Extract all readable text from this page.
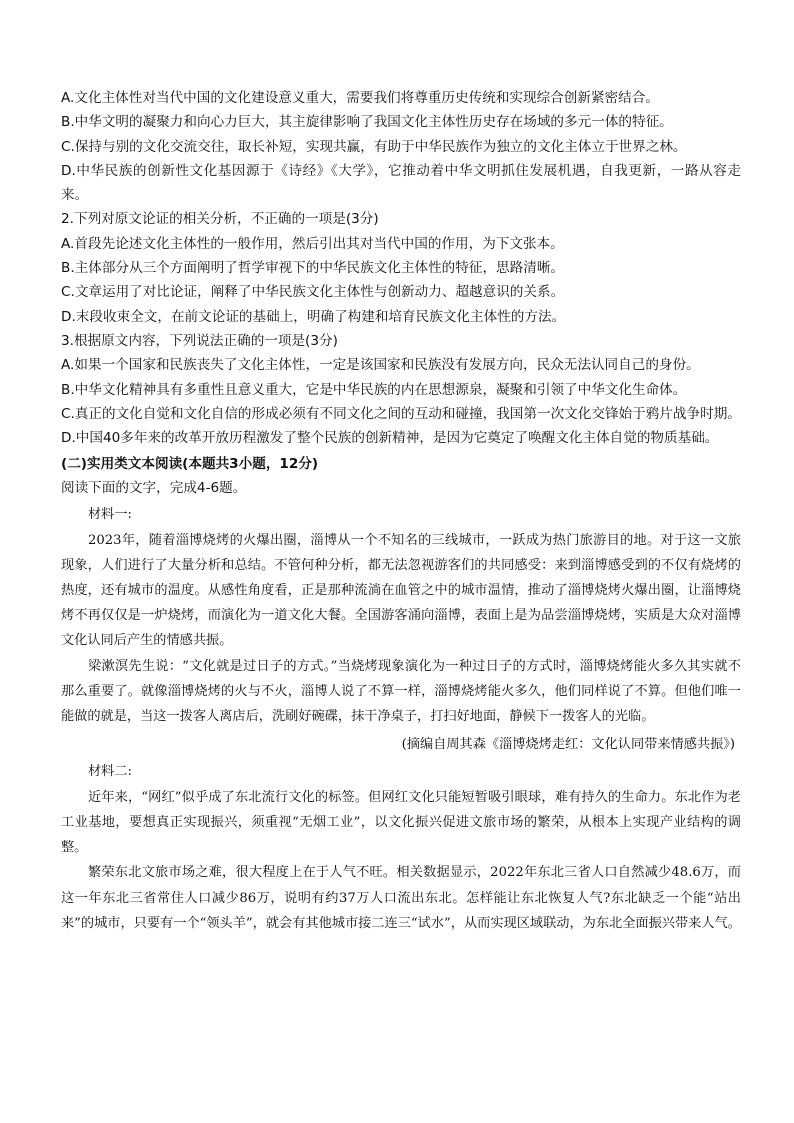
A.文化主体性对当代中国的文化建设意义重大，需要我们将尊重历史传统和实现综合创新紧密结合。
B.中华文明的凝聚力和向心力巨大，其主旋律影响了我国文化主体性历史存在场域的多元一体的特征。
C.保持与别的文化交流交往，取长补短，实现共赢，有助于中华民族作为独立的文化主体立于世界之林。
D.中华民族的创新性文化基因源于《诗经》《大学》，它推动着中华文明抓住发展机遇，自我更新，一路从容走来。
2.下列对原文论证的相关分析，不正确的一项是(3分)
A.首段先论述文化主体性的一般作用，然后引出其对当代中国的作用，为下文张本。
B.主体部分从三个方面阐明了哲学审视下的中华民族文化主体性的特征，思路清晰。
C.文章运用了对比论证，阐释了中华民族文化主体性与创新动力、超越意识的关系。
D.末段收束全文，在前文论证的基础上，明确了构建和培育民族文化主体性的方法。
3.根据原文内容，下列说法正确的一项是(3分)
A.如果一个国家和民族丧失了文化主体性，一定是该国家和民族没有发展方向，民众无法认同自己的身份。
B.中华文化精神具有多重性且意义重大，它是中华民族的内在思想源泉，凝聚和引领了中华文化生命体。
C.真正的文化自觉和文化自信的形成必须有不同文化之间的互动和碰撞，我国第一次文化交锋始于鸦片战争时期。
D.中国40多年来的改革开放历程激发了整个民族的创新精神，是因为它奠定了唤醒文化主体自觉的物质基础。
(二)实用类文本阅读(本题共3小题，12分)
阅读下面的文字，完成4-6题。
材料一:
2023年，随着淄博烧烤的火爆出圈，淄博从一个不知名的三线城市，一跃成为热门旅游目的地。对于这一文旅现象，人们进行了大量分析和总结。不管何种分析，都无法忽视游客们的共同感受：来到淄博感受到的不仅有烧烤的热度，还有城市的温度。从感性角度看，正是那种流淌在血管之中的城市温情，推动了淄博烧烤火爆出圈，让淄博烧烤不再仅仅是一炉烧烤，而演化为一道文化大餐。全国游客涌向淄博，表面上是为品尝淄博烧烤，实质是大众对淄博文化认同后产生的情感共振。
梁漱溟先生说：“文化就是过日子的方式。”当烧烤现象演化为一种过日子的方式时，淄博烧烤能火多久其实就不那么重要了。就像淄博烧烤的火与不火，淄博人说了不算一样，淄博烧烤能火多久，他们同样说了不算。但他们唯一能做的就是，当这一拨客人离店后，洗刷好碗碟，抹干净桌子，打扫好地面，静候下一拨客人的光临。
(摘编自周其森《淄博烧烤走红：文化认同带来情感共振》)
材料二:
近年来，“网红”似乎成了东北流行文化的标签。但网红文化只能短暂吸引眼球，难有持久的生命力。东北作为老工业基地，要想真正实现振兴，须重视“无烟工业”，以文化振兴促进文旅市场的繁荣，从根本上实现产业结构的调整。
繁荣东北文旅市场之难，很大程度上在于人气不旺。相关数据显示，2022年东北三省人口自然减少48.6万，而这一年东北三省常住人口减少86万，说明有约37万人口流出东北。怎样能让东北恢复人气?东北缺乏一个能“站出来”的城市，只要有一个“领头羊”，就会有其他城市接二连三“试水”，从而实现区域联动，为东北全面振兴带来人气。
